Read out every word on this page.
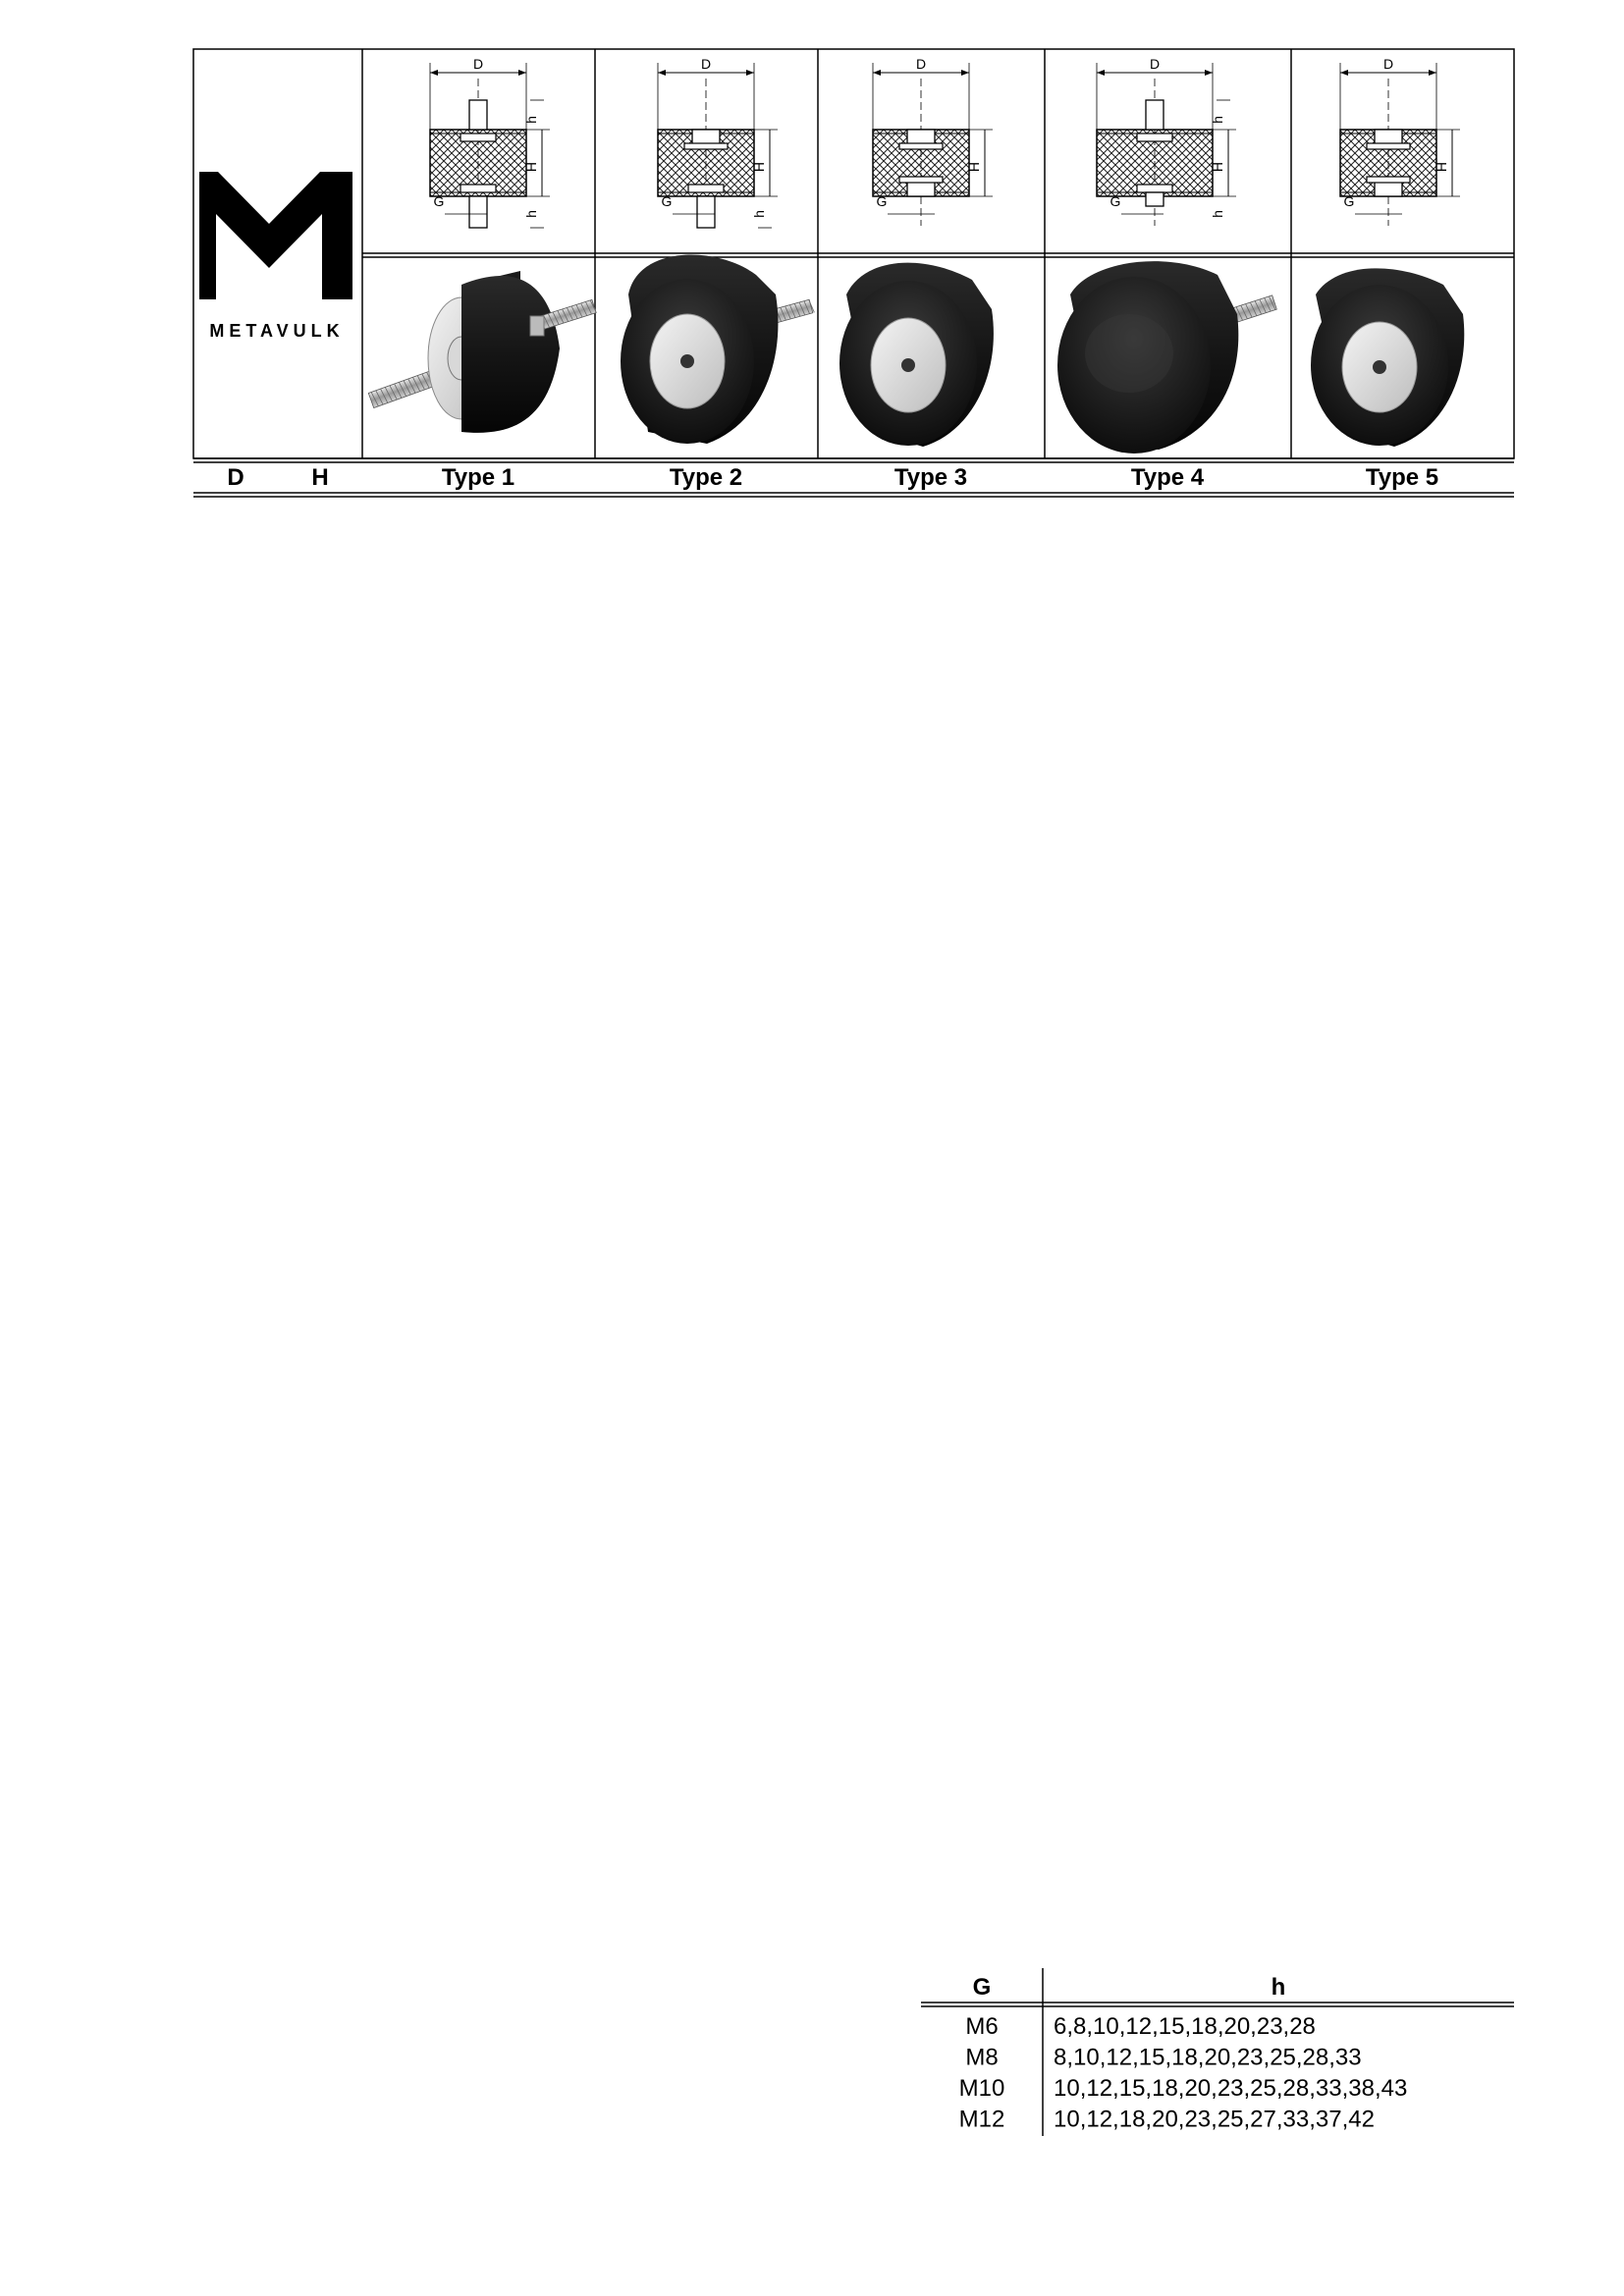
METAVULK
D
H
h
h
G
D
H
h
G
D
H
G
D
H
h
G
h
D
H
G
D	H	Type 1	Type 2	Type 3	Type 4	Type 5
G	h
M6 6,8,10,12,15,18,20,23,28
M8 8,10,12,15,18,20,23,25,28,33
M10 10,12,15,18,20,23,25,28,33,38,43
M12 10,12,18,20,23,25,27,33,37,42
